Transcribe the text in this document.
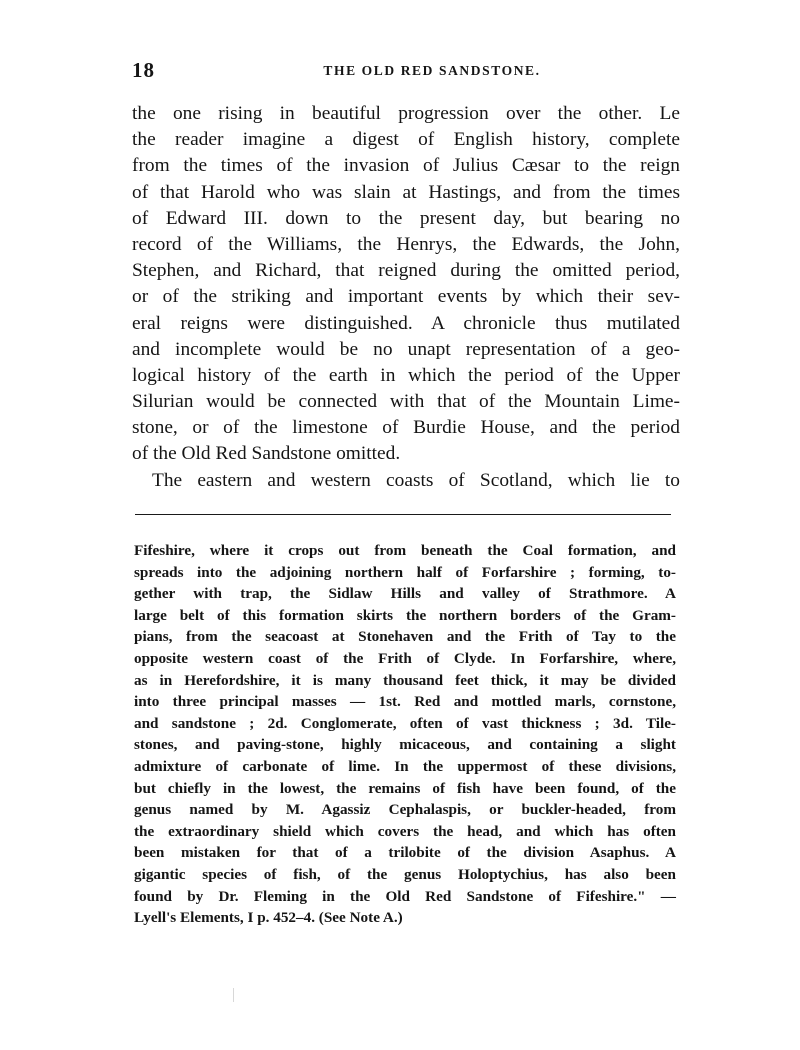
18	THE OLD RED SANDSTONE.
the one rising in beautiful progression over the other. Le
the reader imagine a digest of English history, complete
from the times of the invasion of Julius Cæsar to the reign
of that Harold who was slain at Hastings, and from the times
of Edward III. down to the present day, but bearing no
record of the Williams, the Henrys, the Edwards, the John,
Stephen, and Richard, that reigned during the omitted period,
or of the striking and important events by which their sev-
eral reigns were distinguished. A chronicle thus mutilated
and incomplete would be no unapt representation of a geo-
logical history of the earth in which the period of the Upper
Silurian would be connected with that of the Mountain Lime-
stone, or of the limestone of Burdie House, and the period
of the Old Red Sandstone omitted.
The eastern and western coasts of Scotland, which lie to
Fifeshire, where it crops out from beneath the Coal formation, and
spreads into the adjoining northern half of Forfarshire ; forming, to-
gether with trap, the Sidlaw Hills and valley of Strathmore. A
large belt of this formation skirts the northern borders of the Gram-
pians, from the seacoast at Stonehaven and the Frith of Tay to the
opposite western coast of the Frith of Clyde. In Forfarshire, where,
as in Herefordshire, it is many thousand feet thick, it may be divided
into three principal masses — 1st. Red and mottled marls, cornstone,
and sandstone ; 2d. Conglomerate, often of vast thickness ; 3d. Tile-
stones, and paving-stone, highly micaceous, and containing a slight
admixture of carbonate of lime. In the uppermost of these divisions,
but chiefly in the lowest, the remains of fish have been found, of the
genus named by M. Agassiz Cephalaspis, or buckler-headed, from
the extraordinary shield which covers the head, and which has often
been mistaken for that of a trilobite of the division Asaphus. A
gigantic species of fish, of the genus Holoptychius, has also been
found by Dr. Fleming in the Old Red Sandstone of Fifeshire." —
Lyell's Elements, I p. 452–4. (See Note A.)
